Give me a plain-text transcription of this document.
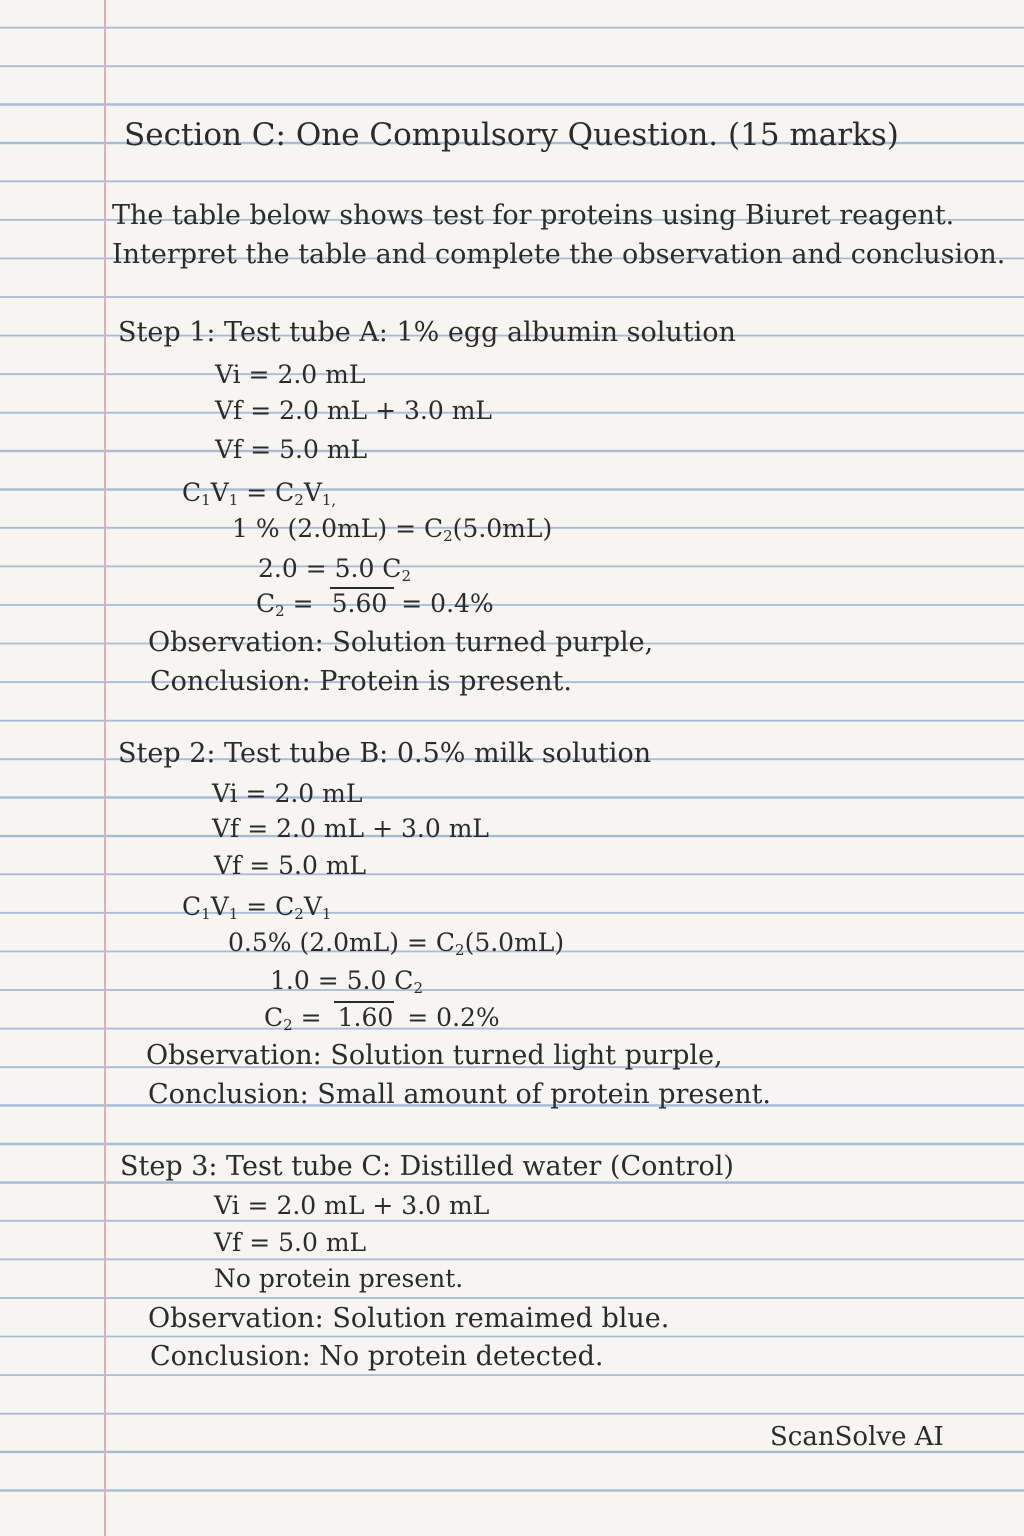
Section C: One Compulsory Question. (15 marks)
The table below shows test for proteins using Biuret reagent.
Interpret the table and complete the observation and conclusion.
Step 1: Test tube A: 1% egg albumin solution
Vi = 2.0 mL
Vf = 2.0 mL + 3.0 mL
Vf = 5.0 mL
$C_1V_1 = C_2V_{1,}$
1 % $(2.0mL) = C_2(5.0mL)$
2.0 = 5.0 $C_2$
$C_2 = 5.60 = 0.4\%$
Observation: Solution turned purple,
Conclusion: Protein is present.
Step 2: Test tube B: 0.5% milk solution
Vi = 2.0 mL
Vf = 2.0 mL + 3.0 mL
Vf = 5.0 mL
$C_1V_1 = C_2V_1$
0.5% $(2.0mL) = C_2(5.0mL)$
1.0 = 5.0 $C_2$
$C_2 = 1.60 = 0.2\%$
Observation: Solution turned light purple,
Conclusion: Small amount of protein present.
Step 3: Test tube C: Distilled water (Control)
Vi = 2.0 mL + 3.0 mL
Vf = 5.0 mL
No protein present.
Observation: Solution remaimed blue.
Conclusion: No protein detected.
ScanSolve AI
